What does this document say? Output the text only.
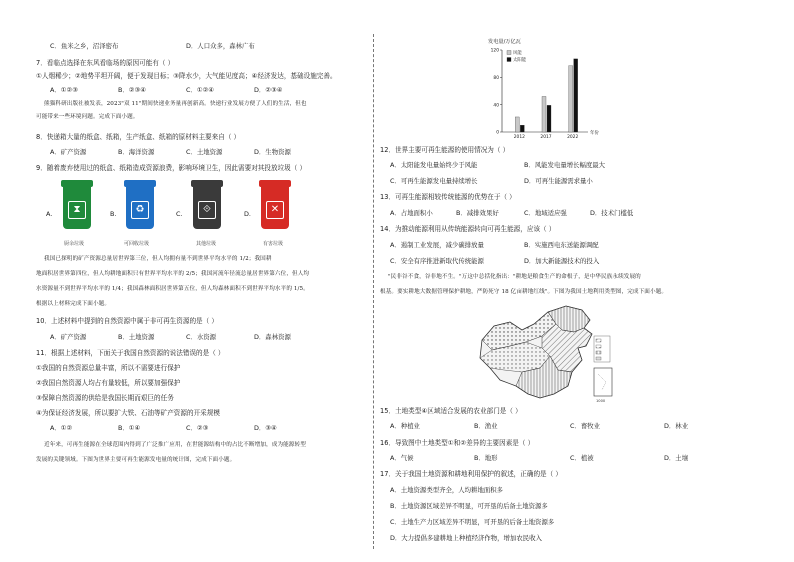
C．鱼米之乡，沼泽密布	D．人口众多，森林广布
7．看临点选择在东风看临场的原因可能有（ ）
①人烟稀少；②地势平坦开阔，便于发现目标；③降水少，大气能见度高；④经济发达，基础设施完善。
A．①②③	B．②③④	C．①②④	D．②③④
熊猫科研出版社被发表，2023"双 11"期间快递业务量再创新高。快递行业发展方便了人们的生活，但也
可能带来一些环境问题。完成下面小题。
8．快递箱大量的纸盒、纸箱，生产纸盒、纸箱的原材料主要来自（ ）
A．矿产资源	B．海洋资源	C．土地资源	D．生物资源
9．随着废弃使用过的纸盒、纸箱造成资源浪费，影响环境卫生，因此需要对其投放垃圾（ ）
A.	⧗
厨余垃圾
B.	♻
可回收垃圾
C.	⟐
其他垃圾
D.	✕
有害垃圾
我国已探明的矿产资源总量居世界第三位，但人均拥有量不到世界平均水平的 1/2；我国耕
地面积居世界第四位，但人均耕地面积只有世界平均水平的 2/5；我国河流年径流总量居世界第六位，但人均
水资源量不到世界平均水平的 1/4；我国森林面积居世界第五位，但人均森林面积不到世界平均水平的 1/5。
根据以上材料完成下面小题。
10．上述材料中提到的自然资源中属于非可再生资源的是（ ）
A．矿产资源	B．土地资源	C．水资源	D．森林资源
11．根据上述材料，下面关于我国自然资源的说法错误的是（ ）
①我国的自然资源总量丰富，所以不需要进行保护
②我国自然资源人均占有量较低，所以要加强保护
③保障自然资源的供给是我国长期而艰巨的任务
④为保证经济发展，所以要扩大铁、石油等矿产资源的开采规模
A．①②	B．①④	C．②③	D．③④
近年来，可再生能源在全球范围内得到了广泛推广应用，在世能源结构中的占比不断增加，成为能源转型
发展的关键领域。下图为世界主要可再生能源发电量的统计图，完成下面小题。
发电量/万亿瓦
0
40
80
120
2012	2017	2022
年份
风能
太阳能
12．世界主要可再生能源的使用情况为（ ）
A．太阳能发电量始终少于风能	B．风能发电量增长幅度最大
C．可再生能源发电量持续增长	D．可再生能源需求量小
13．可再生能源相较传统能源的优势在于（ ）
A．占地面积小	B．减排效果好	C．地域适应强	D．技术门槛低
14．为推动能源利用从传统能源转向可再生能源，应该（ ）
A．遏制工业发展，减少碳排放量	B．实施西电东送能源调配
C．安全有序推进新取代传统能源	D．加大新能源技术的投入
"民非谷不食，谷非地不生。"万这中总括化指出："耕地是粮食生产的命根子，是中华民族永续发展的
根基。要实耕地大数据管理保护耕地，严防死守 18 亿亩耕地红线"。下图为我国土地利用类型图，完成下面小题。
1000
15．土地类型④区域适合发展的农业部门是（ ）
A．种植业	B．渔业	C．畜牧业	D．林业
16．导致图中土地类型①和②差异的主要因素是（ ）
A．气候	B．地形	C．植被	D．土壤
17．关于我国土地资源和耕地利用保护的叙述，正确的是（ ）
A．土地资源类型齐全，人均耕地面积多
B．土地资源区域差异不明显，可开垦的后备土地资源多
C．土地生产力区域差异不明显，可开垦的后备土地资源多
D．大力提倡多建耕地上种植经济作物，增加农民收入
